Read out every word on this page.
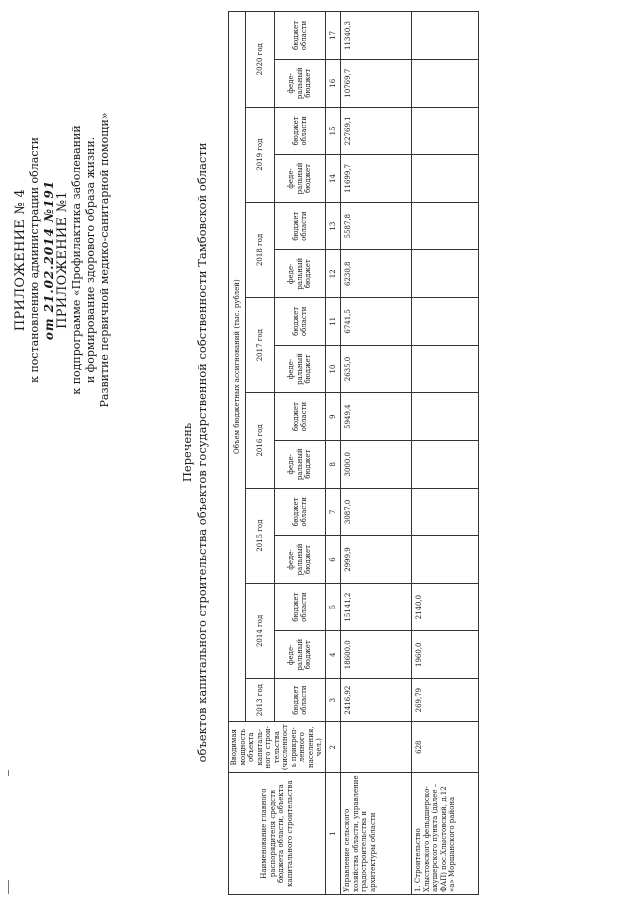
ПРИЛОЖЕНИЕ № 4 к постановлению администрации области от 21.02.2014 №191 ПРИЛОЖЕНИЕ №1 к подпрограмме «Профилактика заболеваний и формирование здорового образа жизни. Развитие первичной медико-санитарной помощи»
Перечень объектов капитального строительства объектов государственной собственности Тамбовской области
Наименование главного распорядителя средств бюджета области, объекта капитального строительства	Вводимая мощность объекта капиталь-ного строи-тельства (численность прикреп-ленного населения, чел.)	Объем бюджетных ассигнований (тыс. рублей)														
		2013 год	2014 год		2015 год		2016 год		2017 год		2018 год		2019 год		2020 год	
		бюджет области	феде-ральный бюджет	бюджет области	феде-ральный бюджет	бюджет области	феде-ральный бюджет	бюджет области	феде-ральный бюджет	бюджет области	феде-ральный бюджет	бюджет области	феде-ральный бюджет	бюджет области	феде-ральный бюджет	бюджет области
1	2	3	4	5	6	7	8	9	10	11	12	13	14	15	16	17
Управление сельского хозяйства области, управление градостроительства и архитектуры области		2416,92	18600,0	15141,2	2999,9	3087,0	3000,0	5949,4	2635,0	6741,5	6230,8	5587,8	11699,7	22769,1	10769,7	11340,3
1. Строительство Хлыстовского фельдшерско-акушерского пункта (далее – ФАП) пос.Хлыстовский, д.12 «а» Моршанского района	628	269,79	1960,0	2140,0												
